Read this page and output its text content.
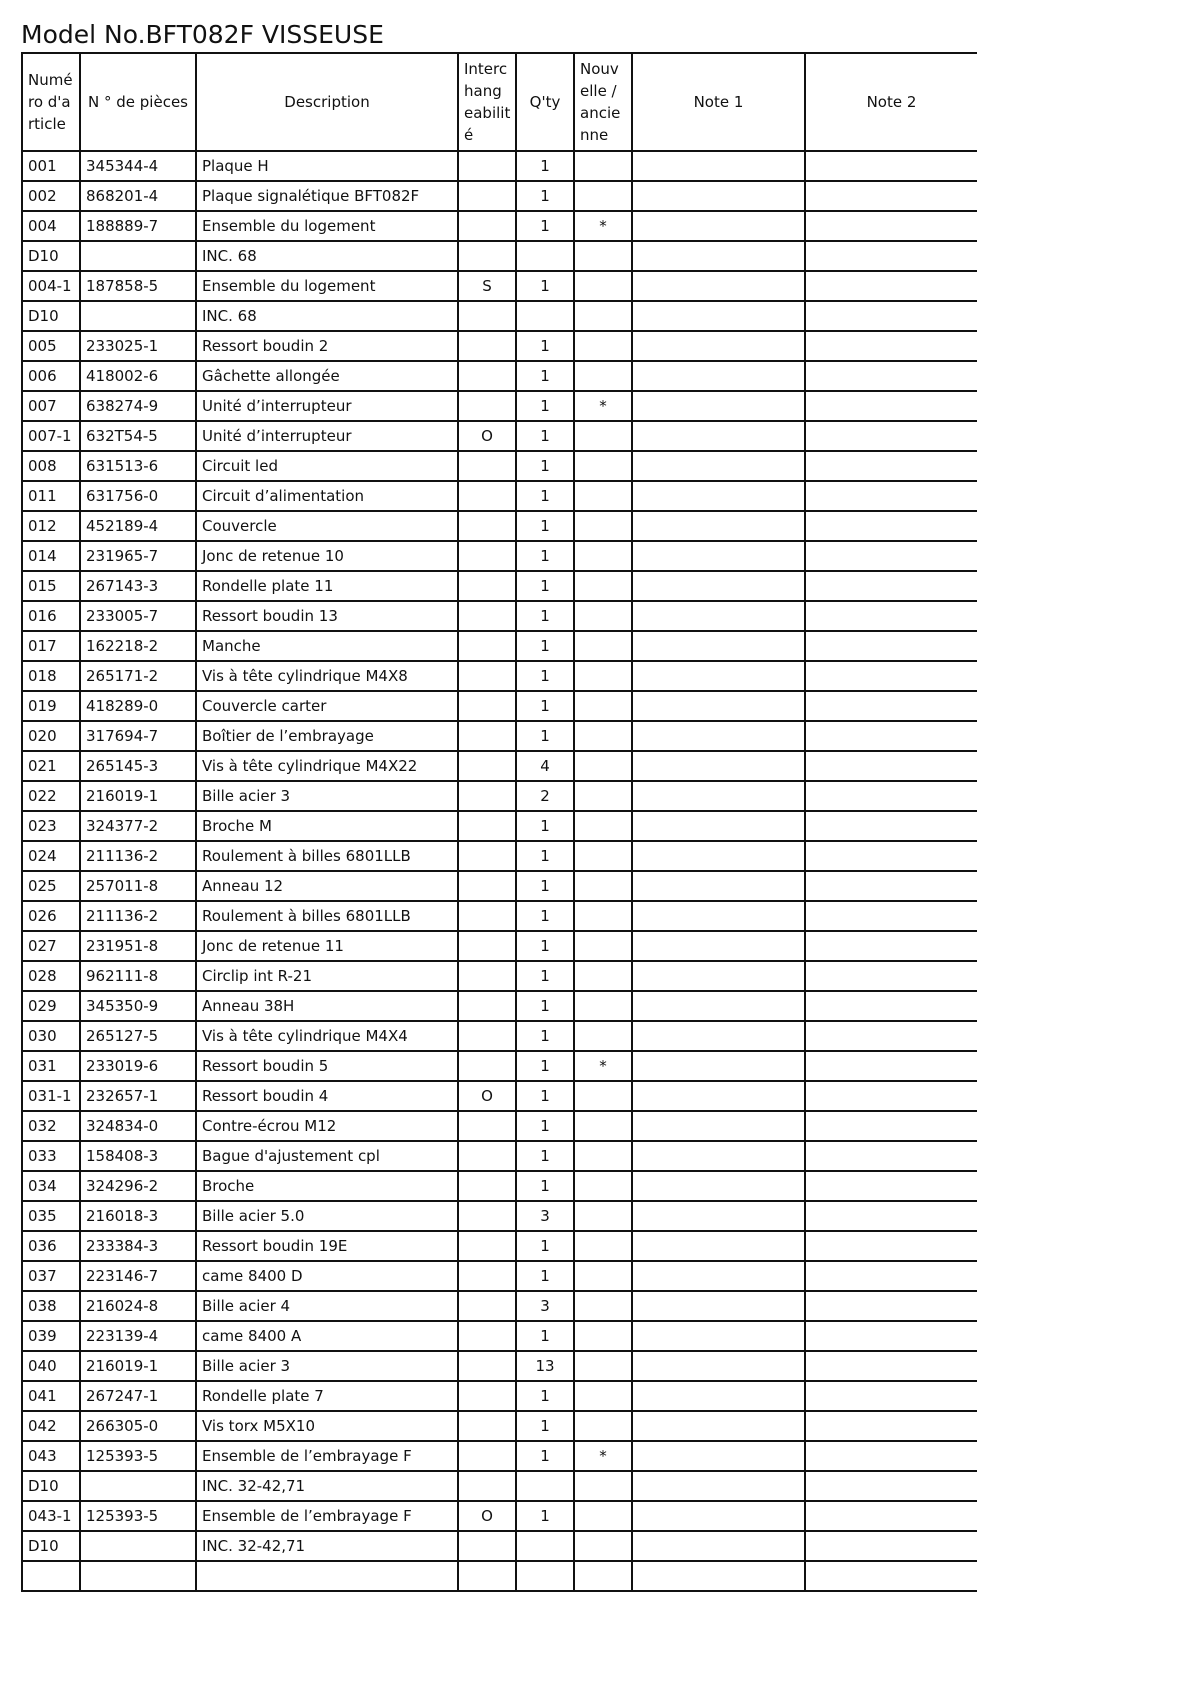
Model No.BFT082F VISSEUSE
Numé ro d'a rticle	N ° de pièces	Description	Interc hang eabilit é	Q'ty	Nouv elle / ancie nne	Note 1	Note 2
001	345344-4	Plaque H		1			
002	868201-4	Plaque signalétique BFT082F		1			
004	188889-7	Ensemble du logement		1	*		
D10		INC. 68					
004-1	187858-5	Ensemble du logement	S	1			
D10		INC. 68					
005	233025-1	Ressort boudin 2		1			
006	418002-6	Gâchette allongée		1			
007	638274-9	Unité d’interrupteur		1	*		
007-1	632T54-5	Unité d’interrupteur	O	1			
008	631513-6	Circuit led		1			
011	631756-0	Circuit d’alimentation		1			
012	452189-4	Couvercle		1			
014	231965-7	Jonc de retenue 10		1			
015	267143-3	Rondelle plate 11		1			
016	233005-7	Ressort boudin 13		1			
017	162218-2	Manche		1			
018	265171-2	Vis à tête cylindrique M4X8		1			
019	418289-0	Couvercle carter		1			
020	317694-7	Boîtier de l’embrayage		1			
021	265145-3	Vis à tête cylindrique M4X22		4			
022	216019-1	Bille acier 3		2			
023	324377-2	Broche M		1			
024	211136-2	Roulement à billes 6801LLB		1			
025	257011-8	Anneau 12		1			
026	211136-2	Roulement à billes 6801LLB		1			
027	231951-8	Jonc de retenue 11		1			
028	962111-8	Circlip int R-21		1			
029	345350-9	Anneau 38H		1			
030	265127-5	Vis à tête cylindrique M4X4		1			
031	233019-6	Ressort boudin 5		1	*		
031-1	232657-1	Ressort boudin 4	O	1			
032	324834-0	Contre-écrou M12		1			
033	158408-3	Bague d'ajustement cpl		1			
034	324296-2	Broche		1			
035	216018-3	Bille acier 5.0		3			
036	233384-3	Ressort boudin 19E		1			
037	223146-7	came 8400 D		1			
038	216024-8	Bille acier 4		3			
039	223139-4	came 8400 A		1			
040	216019-1	Bille acier 3		13			
041	267247-1	Rondelle plate 7		1			
042	266305-0	Vis torx M5X10		1			
043	125393-5	Ensemble de l’embrayage F		1	*		
D10		INC. 32-42,71					
043-1	125393-5	Ensemble de l’embrayage F	O	1			
D10		INC. 32-42,71					
